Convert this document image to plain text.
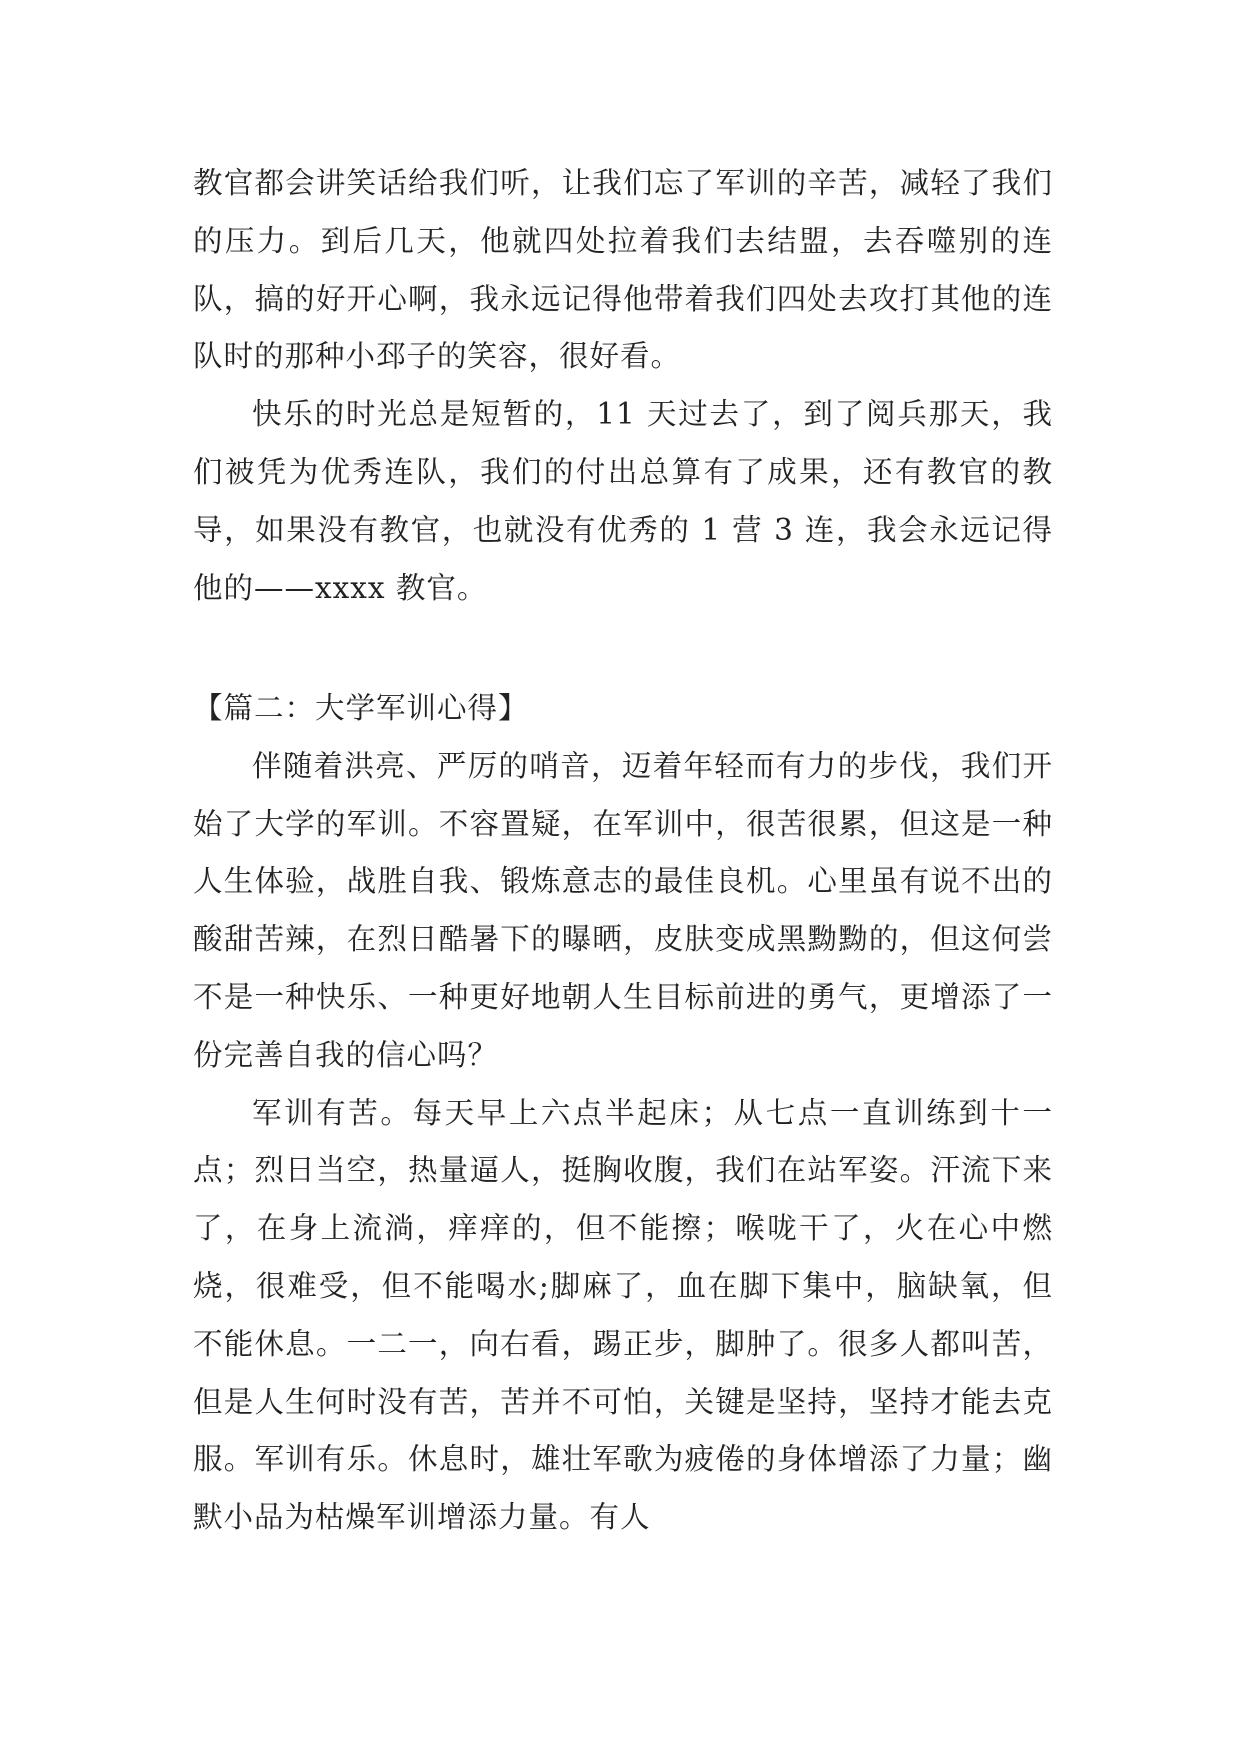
教官都会讲笑话给我们听，让我们忘了军训的辛苦，减轻了我们的压力。到后几天，他就四处拉着我们去结盟，去吞噬别的连队，搞的好开心啊，我永远记得他带着我们四处去攻打其他的连队时的那种小邳子的笑容，很好看。

快乐的时光总是短暂的，11 天过去了，到了阅兵那天，我们被凭为优秀连队，我们的付出总算有了成果，还有教官的教导，如果没有教官，也就没有优秀的 1 营 3 连，我会永远记得他的——xxxx 教官。

【篇二：大学军训心得】

伴随着洪亮、严厉的哨音，迈着年轻而有力的步伐，我们开始了大学的军训。不容置疑，在军训中，很苦很累，但这是一种人生体验，战胜自我、锻炼意志的最佳良机。心里虽有说不出的酸甜苦辣，在烈日酷暑下的曝晒，皮肤变成黑黝黝的，但这何尝不是一种快乐、一种更好地朝人生目标前进的勇气，更增添了一份完善自我的信心吗？

军训有苦。每天早上六点半起床；从七点一直训练到十一点；烈日当空，热量逼人，挺胸收腹，我们在站军姿。汗流下来了，在身上流淌，痒痒的，但不能擦；喉咙干了，火在心中燃烧，很难受，但不能喝水;脚麻了，血在脚下集中，脑缺氧，但不能休息。一二一，向右看，踢正步，脚肿了。很多人都叫苦，但是人生何时没有苦，苦并不可怕，关键是坚持，坚持才能去克服。军训有乐。休息时，雄壮军歌为疲倦的身体增添了力量；幽默小品为枯燥军训增添力量。有人
